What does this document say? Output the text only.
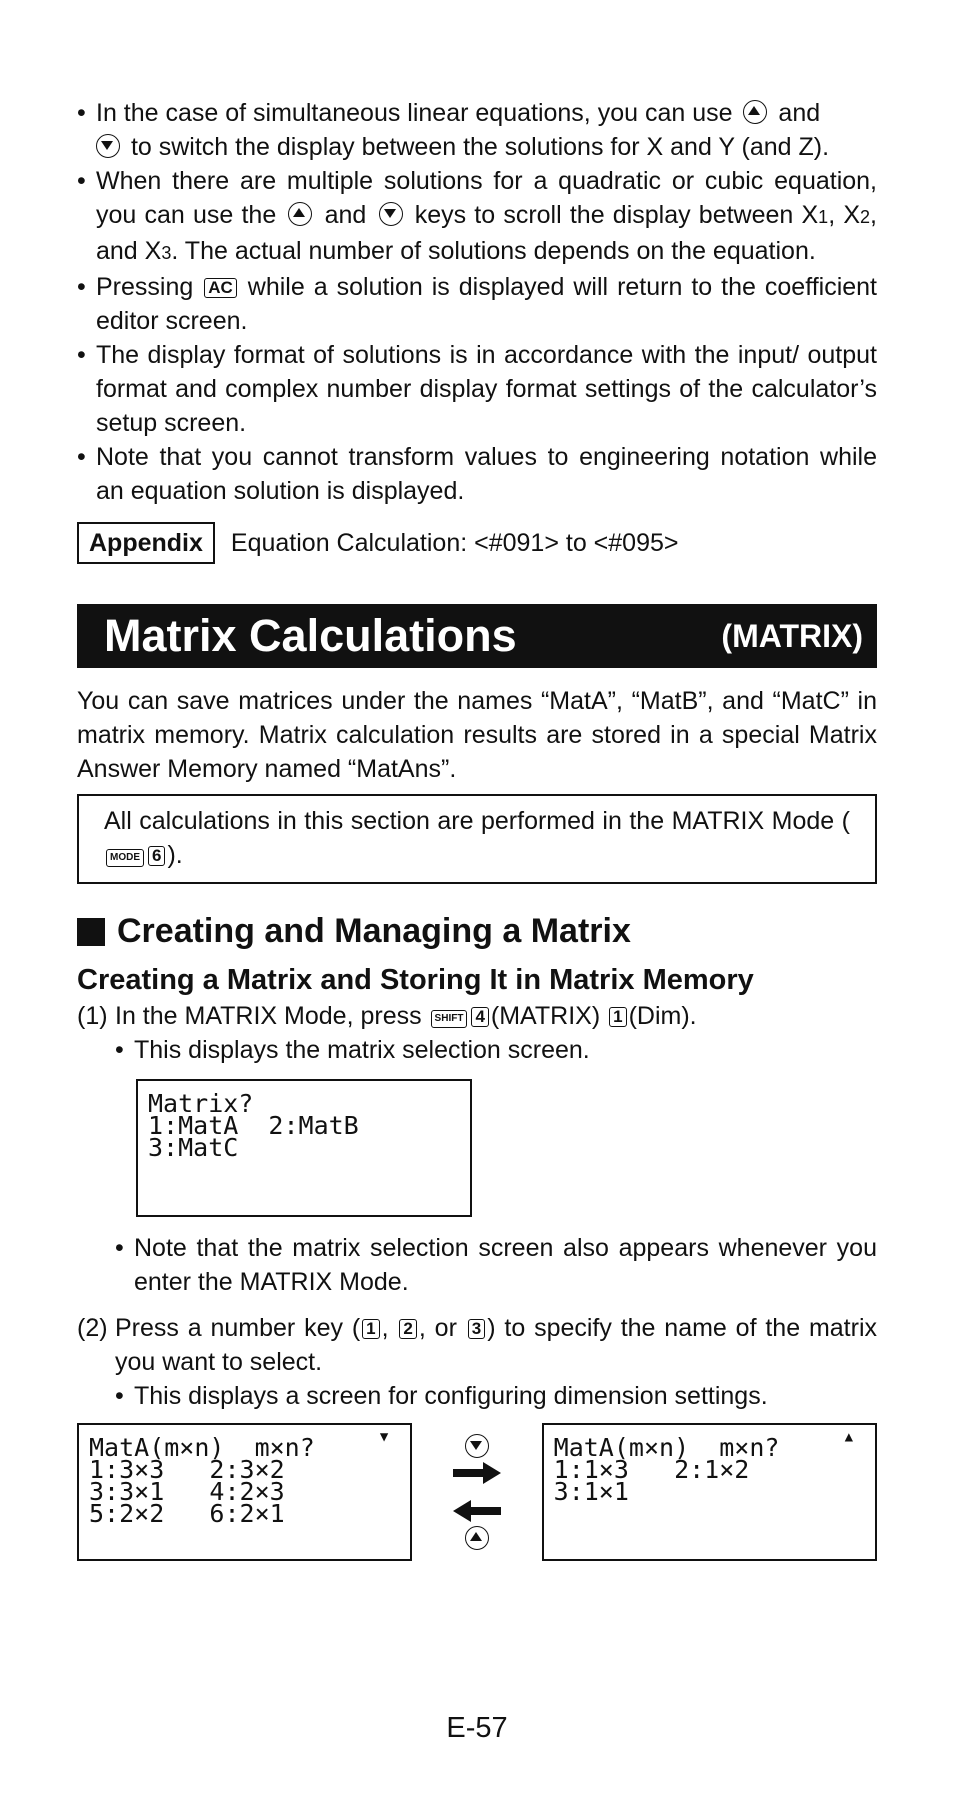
• In the case of simultaneous linear equations, you can use and
to switch the display between the solutions for X and Y (and Z).
• When there are multiple solutions for a quadratic or cubic equation, you can use the and keys to scroll the display between X1, X2, and X3. The actual number of solutions depends on the equation.
• Pressing AC while a solution is displayed will return to the coefficient editor screen.
• The display format of solutions is in accordance with the input/ output format and complex number display format settings of the calculator’s setup screen.
• Note that you cannot transform values to engineering notation while an equation solution is displayed.
Appendix	Equation Calculation: <#091> to <#095>
Matrix Calculations	(MATRIX)
You can save matrices under the names “MatA”, “MatB”, and “MatC” in matrix memory. Matrix calculation results are stored in a special Matrix Answer Memory named “MatAns”.
All calculations in this section are performed in the MATRIX Mode (MODE 6 ).
Creating and Managing a Matrix
Creating a Matrix and Storing It in Matrix Memory
(1) In the MATRIX Mode, press SHIFT 4 (MATRIX) 1 (Dim).
• This displays the matrix selection screen.
Matrix?
1:MatA  2:MatB
3:MatC
• Note that the matrix selection screen also appears whenever you enter the MATRIX Mode.
(2) Press a number key ( 1 , 2 , or 3 ) to specify the name of the matrix you want to select.
• This displays a screen for configuring dimension settings.
▼
MatA(m×n)  m×n?
1:3×3   2:3×2
3:3×1   4:2×3
5:2×2   6:2×1
▲
MatA(m×n)  m×n?
1:1×3   2:1×2
3:1×1
E-57
